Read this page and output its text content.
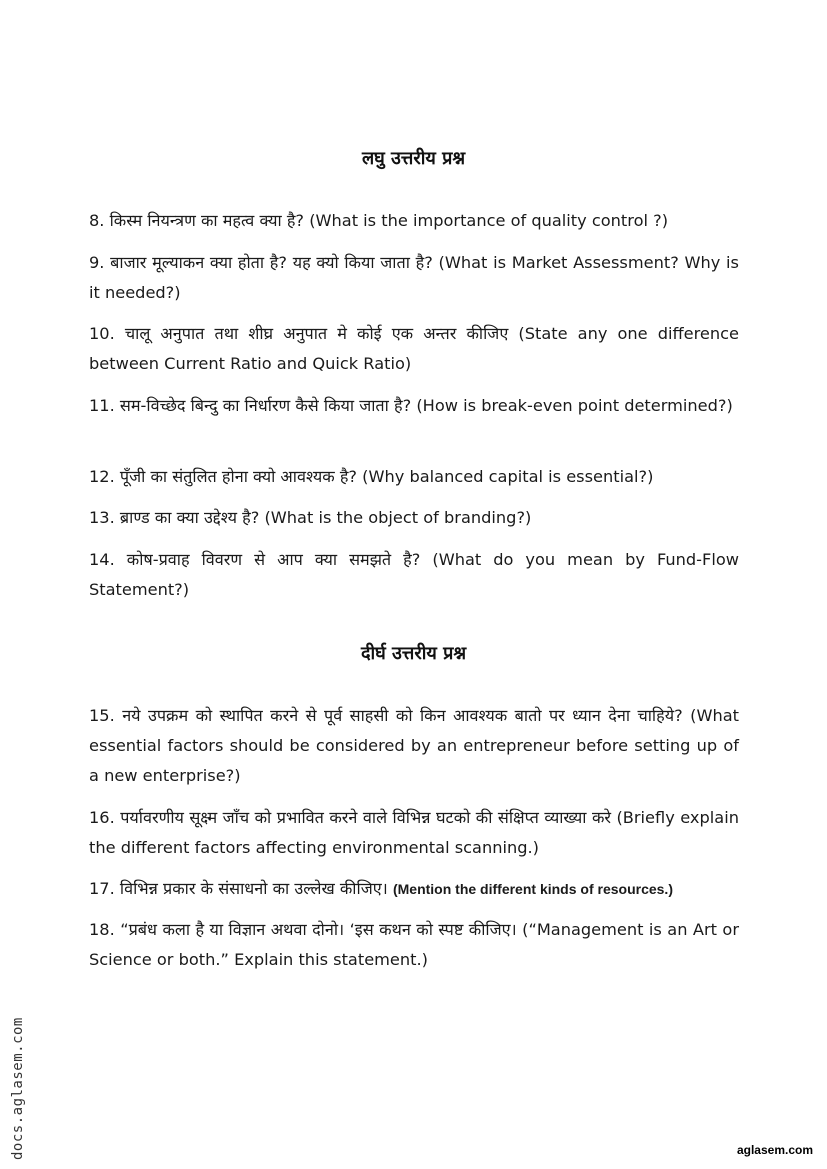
लघु उत्तरीय प्रश्न
8. किस्म नियन्त्रण का महत्व क्या है? (What is the importance of quality control ?)
9. बाजार मूल्याकन क्या होता है? यह क्यो किया जाता है? (What is Market Assessment? Why is it needed?)
10. चालू अनुपात तथा शीघ्र अनुपात मे कोई एक अन्तर कीजिए (State any one difference between Current Ratio and Quick Ratio)
11. सम-विच्छेद बिन्दु का निर्धारण कैसे किया जाता है? (How is break-even point determined?)
12. पूँजी का संतुलित होना क्यो आवश्यक है? (Why balanced capital is essential?)
13. ब्राण्ड का क्या उद्देश्य है? (What is the object of branding?)
14. कोष-प्रवाह विवरण से आप क्या समझते है? (What do you mean by Fund-Flow Statement?)
दीर्घ उत्तरीय प्रश्न
15. नये उपक्रम को स्थापित करने से पूर्व साहसी को किन आवश्यक बातो पर ध्यान देना चाहिये? (What essential factors should be considered by an entrepreneur before setting up of a new enterprise?)
16. पर्यावरणीय सूक्ष्म जाँच को प्रभावित करने वाले विभिन्न घटको की संक्षिप्त व्याख्या करे (Briefly explain the different factors affecting environmental scanning.)
17. विभिन्न प्रकार के संसाधनो का उल्लेख कीजिए। (Mention the different kinds of resources.)
18. “प्रबंध कला है या विज्ञान अथवा दोनो। ‘इस कथन को स्पष्ट कीजिए। (“Management is an Art or Science or both.” Explain this statement.)
docs.aglasem.com	aglasem.com
